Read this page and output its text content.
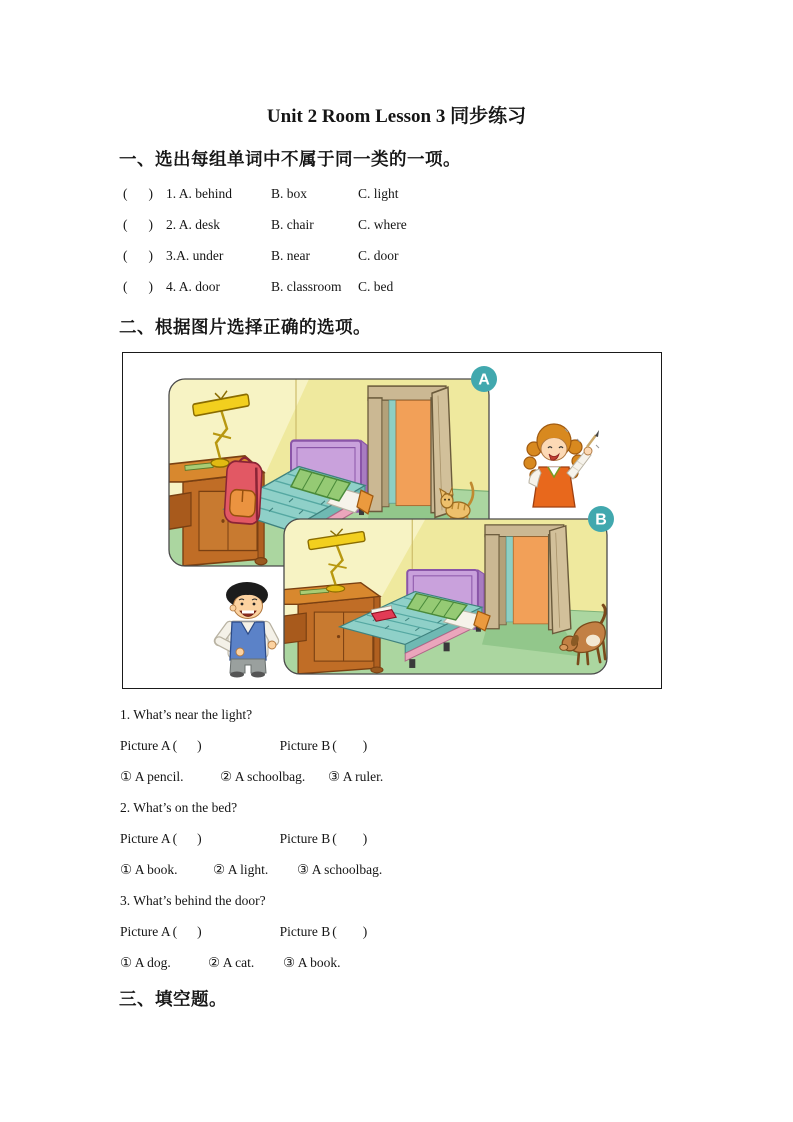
Unit 2 Room Lesson 3 同步练习
一、选出每组单词中不属于同一类的一项。
( ) 1. A. behind	B. box	C. light
( ) 2. A. desk	B. chair	C. where
( ) 3.A. under	B. near	C. door
( ) 4. A. door	B. classroom	C. bed
二、根据图片选择正确的选项。
A
B
1. What’s near the light?
Picture A ( )	Picture B ( )
① A pencil.	② A schoolbag.	③ A ruler.
2. What’s on the bed?
Picture A ( )	Picture B ( )
① A book.	② A light.	③ A schoolbag.
3. What’s behind the door?
Picture A ( )	Picture B ( )
① A dog.	② A cat.	③ A book.
三、填空题。
